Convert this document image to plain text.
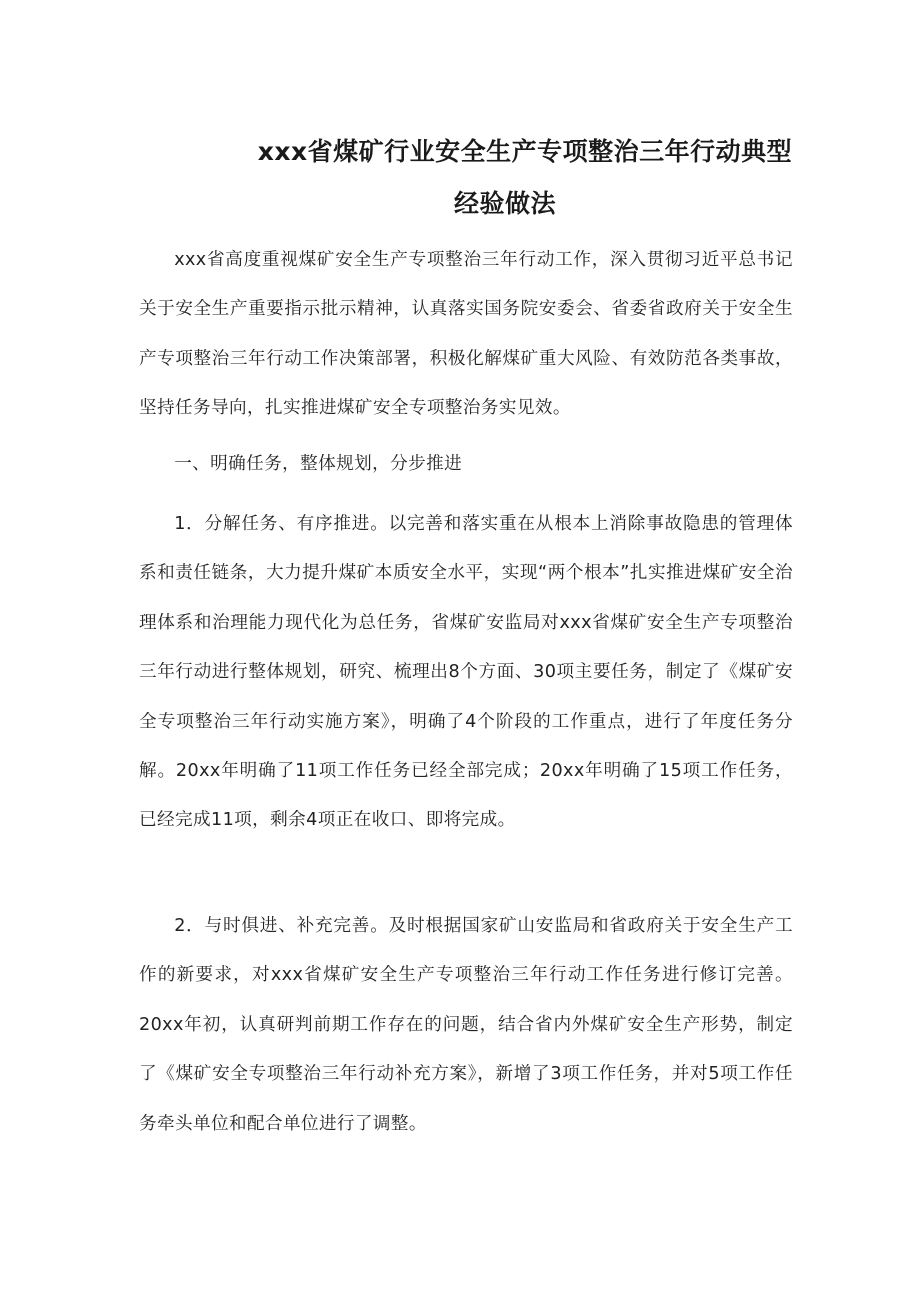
xxx省煤矿行业安全生产专项整治三年行动典型
经验做法

xxx省高度重视煤矿安全生产专项整治三年行动工作，深入贯彻习近平总书记关于安全生产重要指示批示精神，认真落实国务院安委会、省委省政府关于安全生产专项整治三年行动工作决策部署，积极化解煤矿重大风险、有效防范各类事故，坚持任务导向，扎实推进煤矿安全专项整治务实见效。

一、明确任务，整体规划，分步推进

1．分解任务、有序推进。以完善和落实重在从根本上消除事故隐患的管理体系和责任链条，大力提升煤矿本质安全水平，实现“两个根本”扎实推进煤矿安全治理体系和治理能力现代化为总任务，省煤矿安监局对xxx省煤矿安全生产专项整治三年行动进行整体规划，研究、梳理出8个方面、30项主要任务，制定了《煤矿安全专项整治三年行动实施方案》，明确了4个阶段的工作重点，进行了年度任务分解。20xx年明确了11项工作任务已经全部完成；20xx年明确了15项工作任务，已经完成11项，剩余4项正在收口、即将完成。

2．与时俱进、补充完善。及时根据国家矿山安监局和省政府关于安全生产工作的新要求，对xxx省煤矿安全生产专项整治三年行动工作任务进行修订完善。20xx年初，认真研判前期工作存在的问题，结合省内外煤矿安全生产形势，制定了《煤矿安全专项整治三年行动补充方案》，新增了3项工作任务，并对5项工作任务牵头单位和配合单位进行了调整。
